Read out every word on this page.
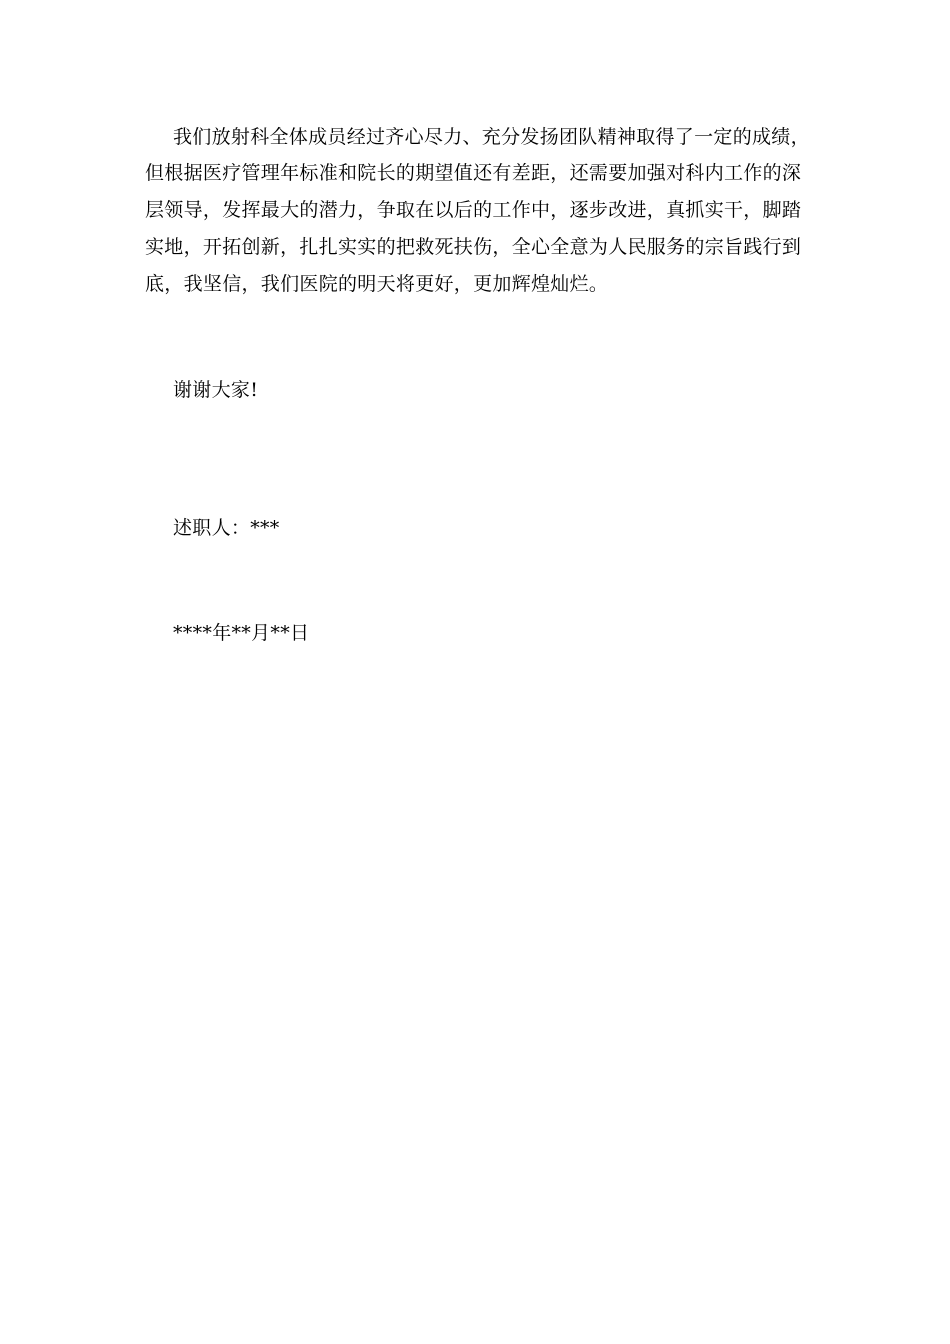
我们放射科全体成员经过齐心尽力、充分发扬团队精神取得了一定的成绩，
但根据医疗管理年标准和院长的期望值还有差距，还需要加强对科内工作的深
层领导，发挥最大的潜力，争取在以后的工作中，逐步改进，真抓实干，脚踏
实地，开拓创新，扎扎实实的把救死扶伤，全心全意为人民服务的宗旨践行到
底，我坚信，我们医院的明天将更好，更加辉煌灿烂。
谢谢大家!
述职人：***
****年**月**日
